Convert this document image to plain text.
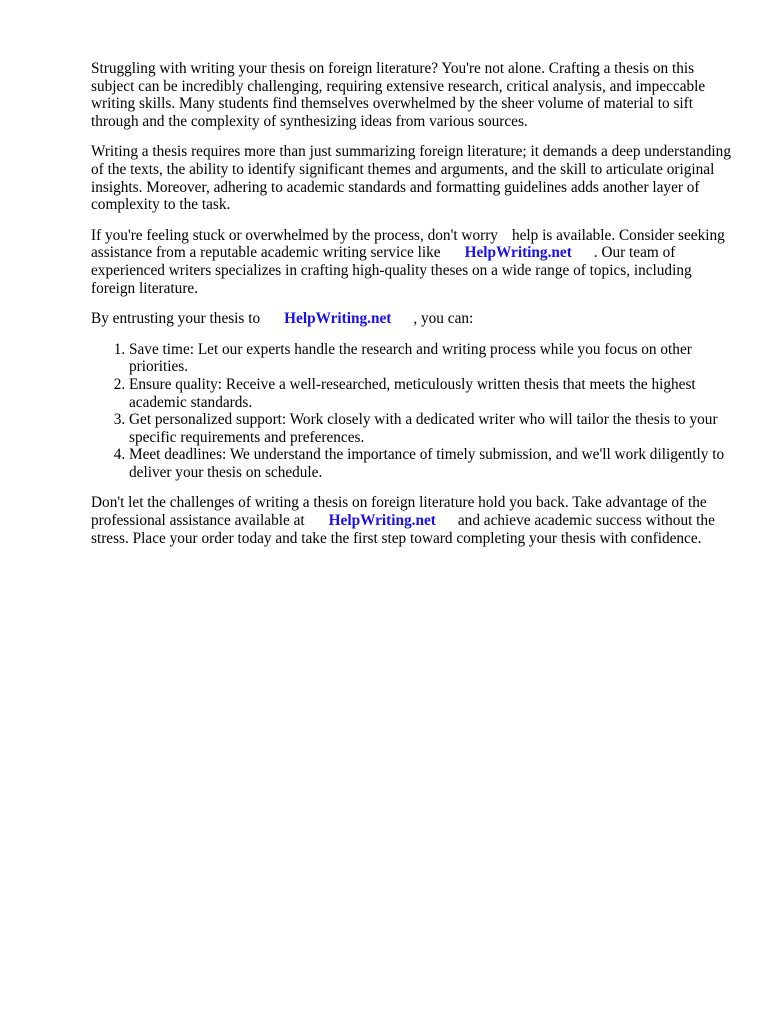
Struggling with writing your thesis on foreign literature? You're not alone. Crafting a thesis on this subject can be incredibly challenging, requiring extensive research, critical analysis, and impeccable writing skills. Many students find themselves overwhelmed by the sheer volume of material to sift through and the complexity of synthesizing ideas from various sources.

Writing a thesis requires more than just summarizing foreign literature; it demands a deep understanding of the texts, the ability to identify significant themes and arguments, and the skill to articulate original insights. Moreover, adhering to academic standards and formatting guidelines adds another layer of complexity to the task.

If you're feeling stuck or overwhelmed by the process, don't worry help is available. Consider seeking assistance from a reputable academic writing service like HelpWriting.net . Our team of experienced writers specializes in crafting high-quality theses on a wide range of topics, including foreign literature.

By entrusting your thesis to HelpWriting.net , you can:

1. Save time: Let our experts handle the research and writing process while you focus on other priorities.
2. Ensure quality: Receive a well-researched, meticulously written thesis that meets the highest academic standards.
3. Get personalized support: Work closely with a dedicated writer who will tailor the thesis to your specific requirements and preferences.
4. Meet deadlines: We understand the importance of timely submission, and we'll work diligently to deliver your thesis on schedule.

Don't let the challenges of writing a thesis on foreign literature hold you back. Take advantage of the professional assistance available at HelpWriting.net and achieve academic success without the stress. Place your order today and take the first step toward completing your thesis with confidence.
